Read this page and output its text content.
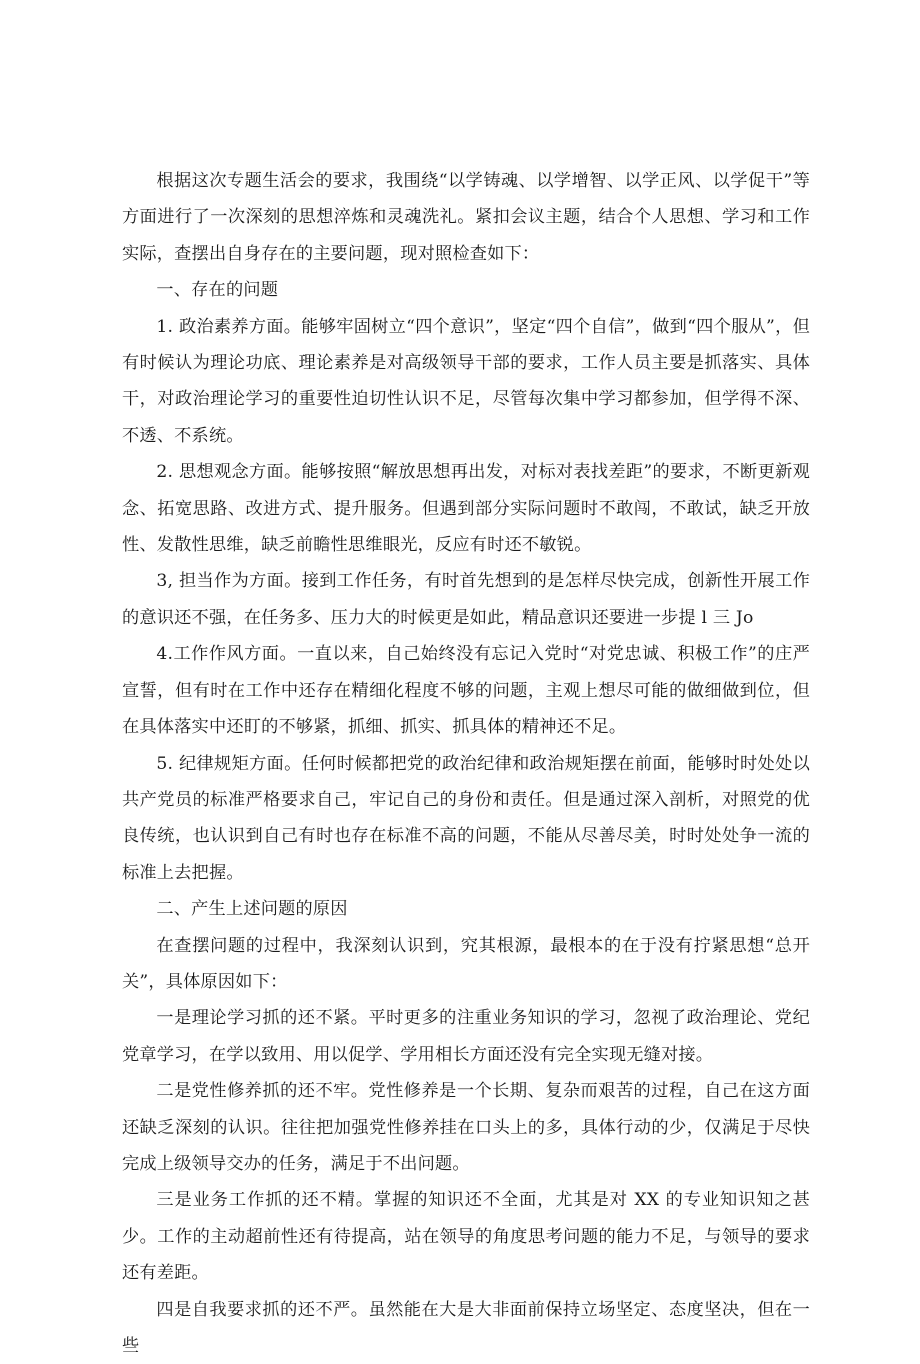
根据这次专题生活会的要求，我围绕“以学铸魂、以学增智、以学正风、以学促干”等方面进行了一次深刻的思想淬炼和灵魂洗礼。紧扣会议主题，结合个人思想、学习和工作实际，查摆出自身存在的主要问题，现对照检查如下：

一、存在的问题

1. 政治素养方面。能够牢固树立“四个意识”，坚定“四个自信”，做到“四个服从”，但有时候认为理论功底、理论素养是对高级领导干部的要求，工作人员主要是抓落实、具体干，对政治理论学习的重要性迫切性认识不足，尽管每次集中学习都参加，但学得不深、不透、不系统。

2. 思想观念方面。能够按照“解放思想再出发，对标对表找差距”的要求，不断更新观念、拓宽思路、改进方式、提升服务。但遇到部分实际问题时不敢闯，不敢试，缺乏开放性、发散性思维，缺乏前瞻性思维眼光，反应有时还不敏锐。

3, 担当作为方面。接到工作任务，有时首先想到的是怎样尽快完成，创新性开展工作的意识还不强，在任务多、压力大的时候更是如此，精品意识还要进一步提 l 三 Jo

4.工作作风方面。一直以来，自己始终没有忘记入党时“对党忠诚、积极工作”的庄严宣誓，但有时在工作中还存在精细化程度不够的问题，主观上想尽可能的做细做到位，但在具体落实中还盯的不够紧，抓细、抓实、抓具体的精神还不足。

5. 纪律规矩方面。任何时候都把党的政治纪律和政治规矩摆在前面，能够时时处处以共产党员的标准严格要求自己，牢记自己的身份和责任。但是通过深入剖析，对照党的优良传统，也认识到自己有时也存在标准不高的问题，不能从尽善尽美，时时处处争一流的标准上去把握。

二、产生上述问题的原因

在查摆问题的过程中，我深刻认识到，究其根源，最根本的在于没有拧紧思想“总开关”，具体原因如下：

一是理论学习抓的还不紧。平时更多的注重业务知识的学习，忽视了政治理论、党纪党章学习，在学以致用、用以促学、学用相长方面还没有完全实现无缝对接。

二是党性修养抓的还不牢。党性修养是一个长期、复杂而艰苦的过程，自己在这方面还缺乏深刻的认识。往往把加强党性修养挂在口头上的多，具体行动的少，仅满足于尽快完成上级领导交办的任务，满足于不出问题。

三是业务工作抓的还不精。掌握的知识还不全面，尤其是对 XX 的专业知识知之甚少。工作的主动超前性还有待提高，站在领导的角度思考问题的能力不足，与领导的要求还有差距。

四是自我要求抓的还不严。虽然能在大是大非面前保持立场坚定、态度坚决，但在一些
